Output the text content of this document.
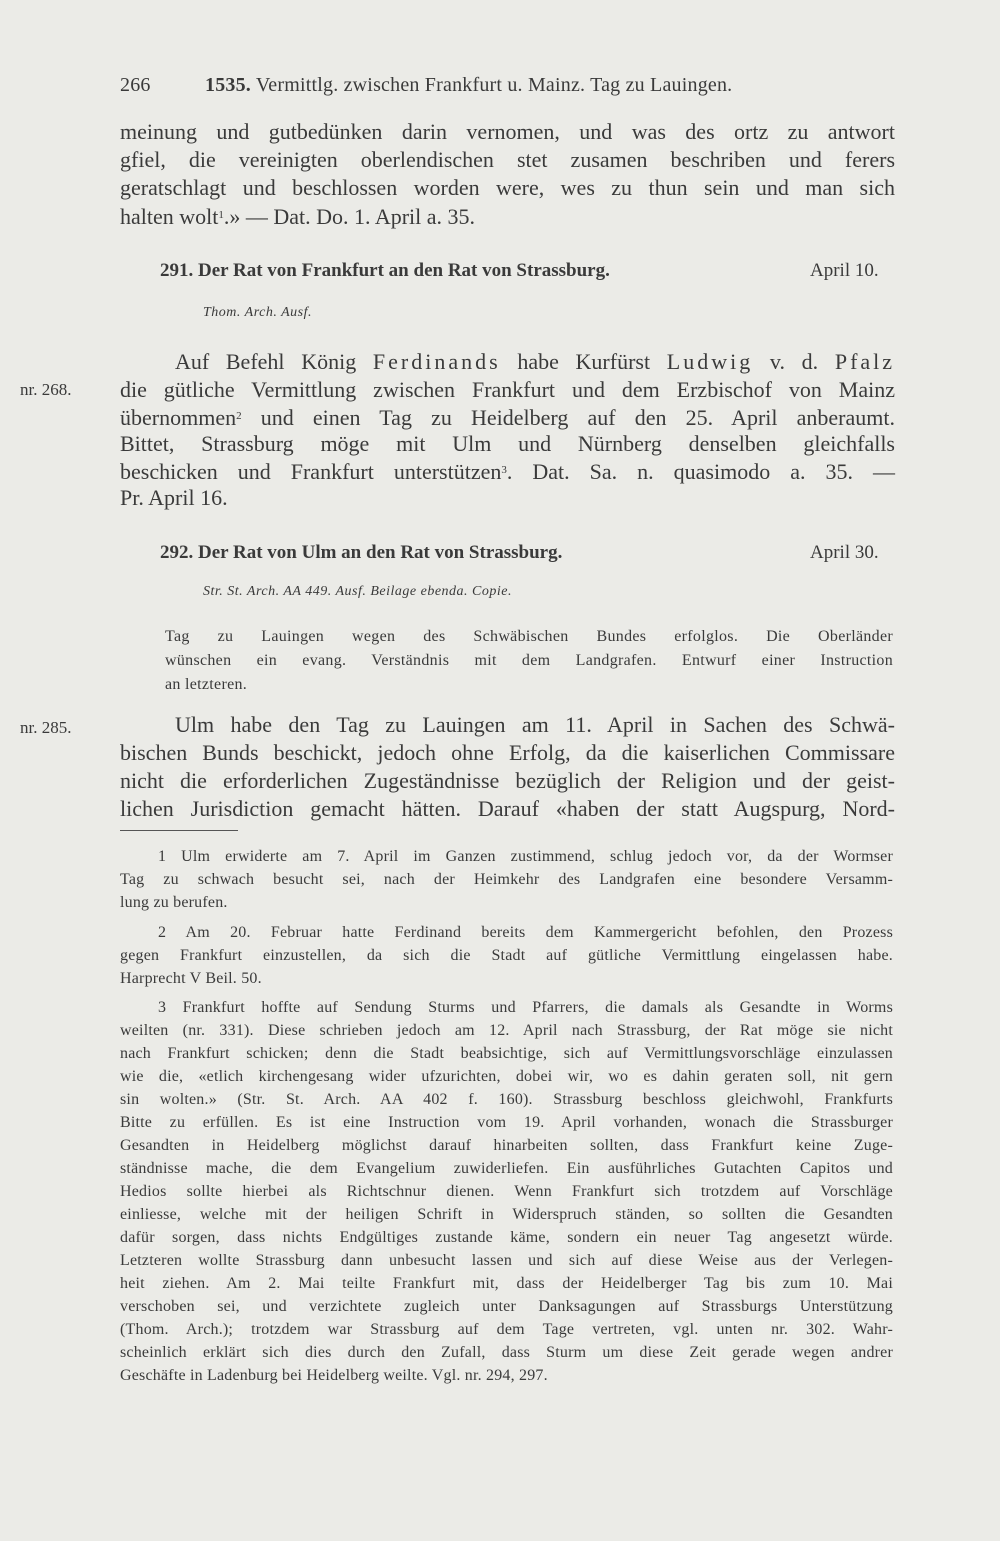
266	1535. Vermittlg. zwischen Frankfurt u. Mainz. Tag zu Lauingen.
meinung und gutbedünken darin vernomen, und was des ortz zu antwort
gfiel, die vereinigten oberlendischen stet zusamen beschriben und ferers
geratschlagt und beschlossen worden were, wes zu thun sein und man sich
halten wolt$^1$.» — Dat. Do. 1. April a. 35.
291. Der Rat von Frankfurt an den Rat von Strassburg.	April 10.
Thom. Arch. Ausf.
Auf Befehl König Ferdinands habe Kurfürst Ludwig v. d. Pfalz
nr. 268. die gütliche Vermittlung zwischen Frankfurt und dem Erzbischof von Mainz
übernommen$^2$ und einen Tag zu Heidelberg auf den 25. April anberaumt.
Bittet, Strassburg möge mit Ulm und Nürnberg denselben gleichfalls
beschicken und Frankfurt unterstützen$^3$. Dat. Sa. n. quasimodo a. 35. —
Pr. April 16.
292. Der Rat von Ulm an den Rat von Strassburg.	April 30.
Str. St. Arch. AA 449. Ausf. Beilage ebenda. Copie.
Tag zu Lauingen wegen des Schwäbischen Bundes erfolglos. Die Oberländer
wünschen ein evang. Verständnis mit dem Landgrafen. Entwurf einer Instruction
an letzteren.
nr. 285.	Ulm habe den Tag zu Lauingen am 11. April in Sachen des Schwä-
bischen Bunds beschickt, jedoch ohne Erfolg, da die kaiserlichen Commissare
nicht die erforderlichen Zugeständnisse bezüglich der Religion und der geist-
lichen Jurisdiction gemacht hätten. Darauf «haben der statt Augspurg, Nord-
1 Ulm erwiderte am 7. April im Ganzen zustimmend, schlug jedoch vor, da der Wormser
Tag zu schwach besucht sei, nach der Heimkehr des Landgrafen eine besondere Versamm-
lung zu berufen.
2 Am 20. Februar hatte Ferdinand bereits dem Kammergericht befohlen, den Prozess
gegen Frankfurt einzustellen, da sich die Stadt auf gütliche Vermittlung eingelassen habe.
Harprecht V Beil. 50.
3 Frankfurt hoffte auf Sendung Sturms und Pfarrers, die damals als Gesandte in Worms
weilten (nr. 331). Diese schrieben jedoch am 12. April nach Strassburg, der Rat möge sie nicht
nach Frankfurt schicken; denn die Stadt beabsichtige, sich auf Vermittlungsvorschläge einzulassen
wie die, «etlich kirchengesang wider ufzurichten, dobei wir, wo es dahin geraten soll, nit gern
sin wolten.» (Str. St. Arch. AA 402 f. 160). Strassburg beschloss gleichwohl, Frankfurts
Bitte zu erfüllen. Es ist eine Instruction vom 19. April vorhanden, wonach die Strassburger
Gesandten in Heidelberg möglichst darauf hinarbeiten sollten, dass Frankfurt keine Zuge-
ständnisse mache, die dem Evangelium zuwiderliefen. Ein ausführliches Gutachten Capitos und
Hedios sollte hierbei als Richtschnur dienen. Wenn Frankfurt sich trotzdem auf Vorschläge
einliesse, welche mit der heiligen Schrift in Widerspruch ständen, so sollten die Gesandten
dafür sorgen, dass nichts Endgültiges zustande käme, sondern ein neuer Tag angesetzt würde.
Letzteren wollte Strassburg dann unbesucht lassen und sich auf diese Weise aus der Verlegen-
heit ziehen. Am 2. Mai teilte Frankfurt mit, dass der Heidelberger Tag bis zum 10. Mai
verschoben sei, und verzichtete zugleich unter Danksagungen auf Strassburgs Unterstützung
(Thom. Arch.); trotzdem war Strassburg auf dem Tage vertreten, vgl. unten nr. 302. Wahr-
scheinlich erklärt sich dies durch den Zufall, dass Sturm um diese Zeit gerade wegen andrer
Geschäfte in Ladenburg bei Heidelberg weilte. Vgl. nr. 294, 297.
